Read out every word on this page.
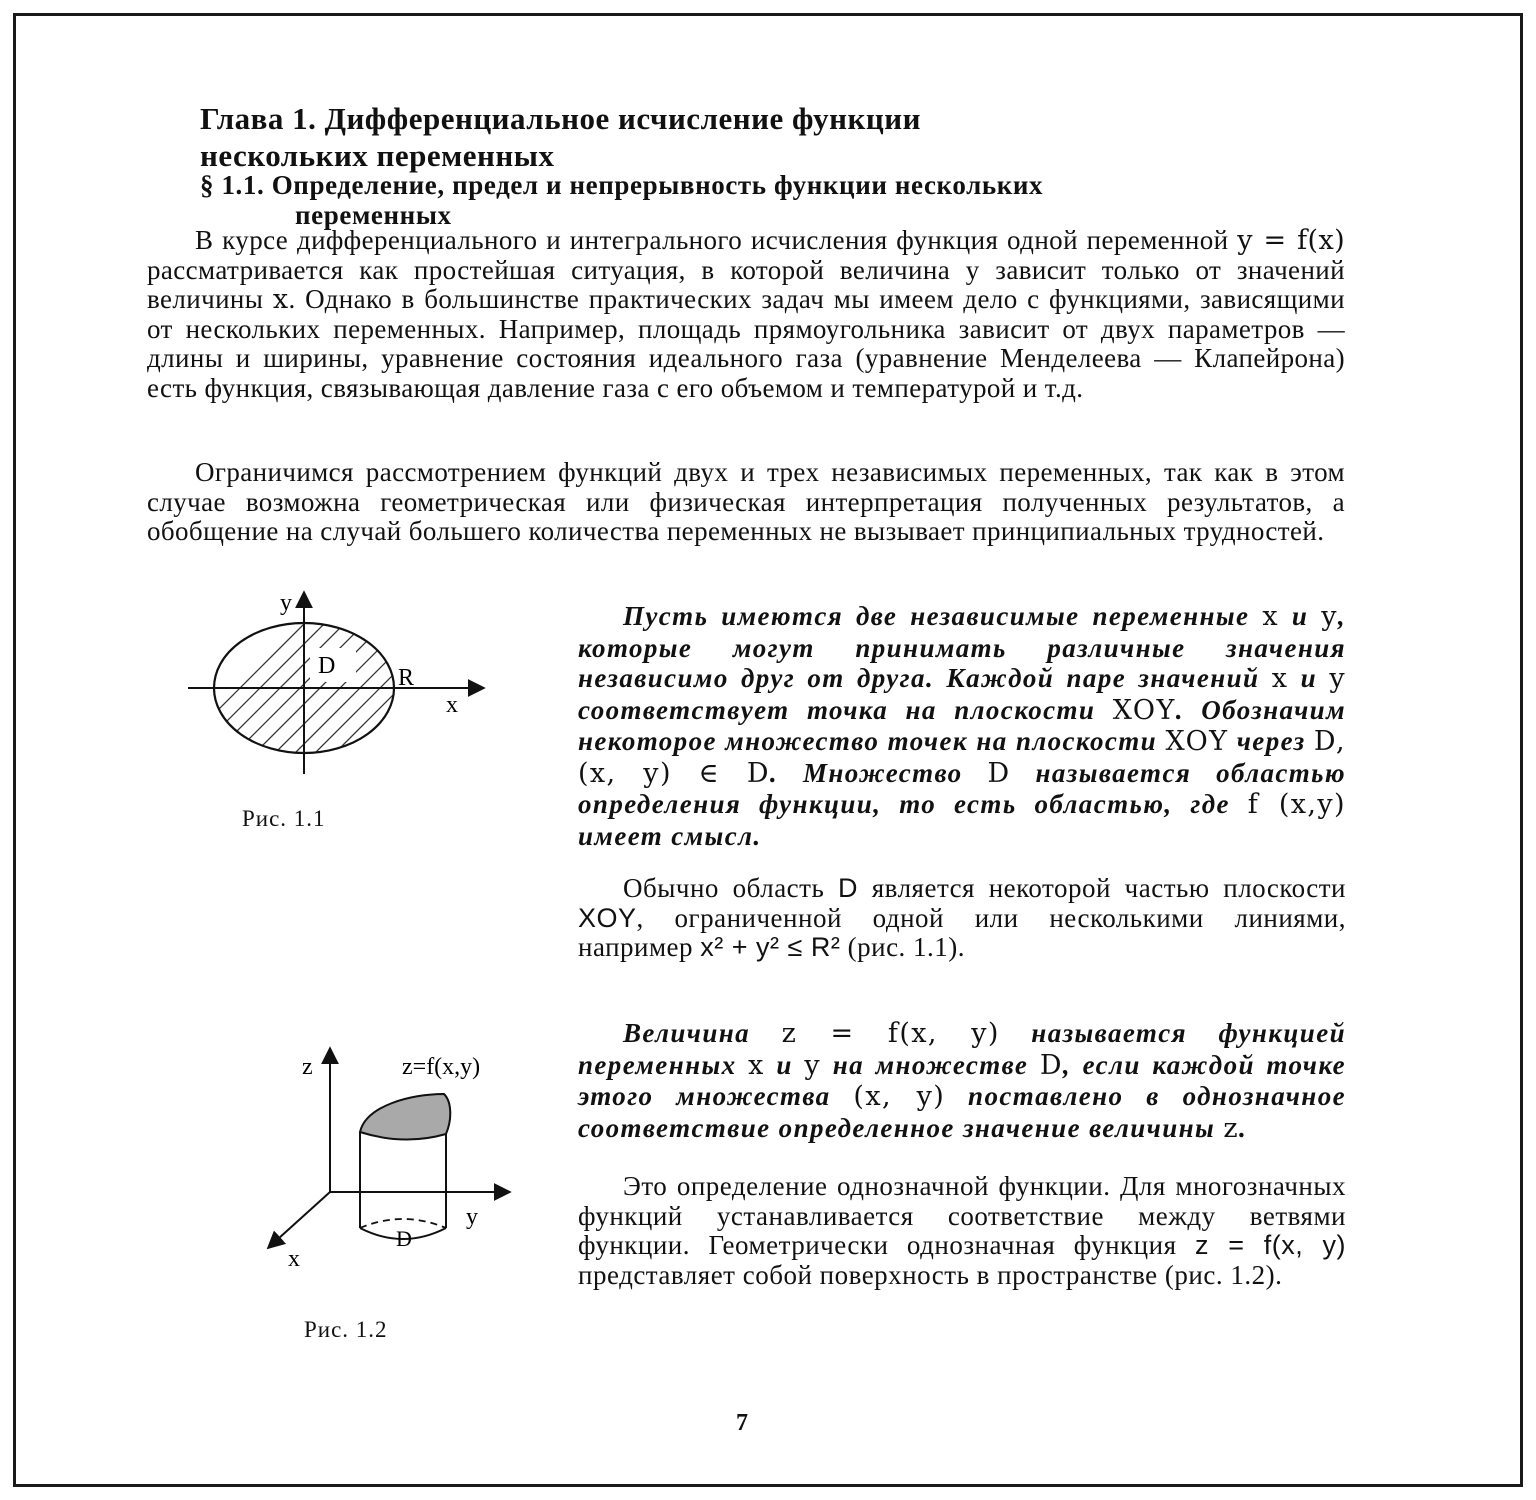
Глава 1. Дифференциальное исчисление функции
нескольких переменных
§ 1.1. Определение, предел и непрерывность функции нескольких
переменных

В курсе дифференциального и интегрального исчисления функция одной переменной y = f(x) рассматривается как простейшая ситуация, в которой величина y зависит только от значений величины x. Однако в большинстве практических задач мы имеем дело с функциями, зависящими от нескольких переменных. Например, площадь прямоугольника зависит от двух параметров — длины и ширины, уравнение состояния идеального газа (уравнение Менделеева — Клапейрона) есть функция, связывающая давление газа с его объемом и температурой и т.д.

Ограничимся рассмотрением функций двух и трех независимых переменных, так как в этом случае возможна геометрическая или физическая интерпретация полученных результатов, а обобщение на случай большего количества переменных не вызывает принципиальных трудностей.

Пусть имеются две независимые переменные x и y, которые могут принимать различные значения независимо друг от друга. Каждой паре значений x и y соответствует точка на плоскости XOY. Обозначим некоторое множество точек на плоскости XOY через D, (x, y) ∈ D. Множество D называется областью определения функции, то есть областью, где f (x,y) имеет смысл.

Обычно область D является некоторой частью плоскости XOY, ограниченной одной или несколькими линиями, например x² + y² ≤ R² (рис. 1.1).

Величина z = f(x, y) называется функцией переменных x и y на множестве D, если каждой точке этого множества (x, y) поставлено в однозначное соответствие определенное значение величины z.

Это определение однозначной функции. Для многозначных функций устанавливается соответствие между ветвями функции. Геометрически однозначная функция z = f(x, y) представляет собой поверхность в пространстве (рис. 1.2).

y
x
D	R
z	z=f(x,y)
y
x
D
Рис. 1.1
Рис. 1.2
7
